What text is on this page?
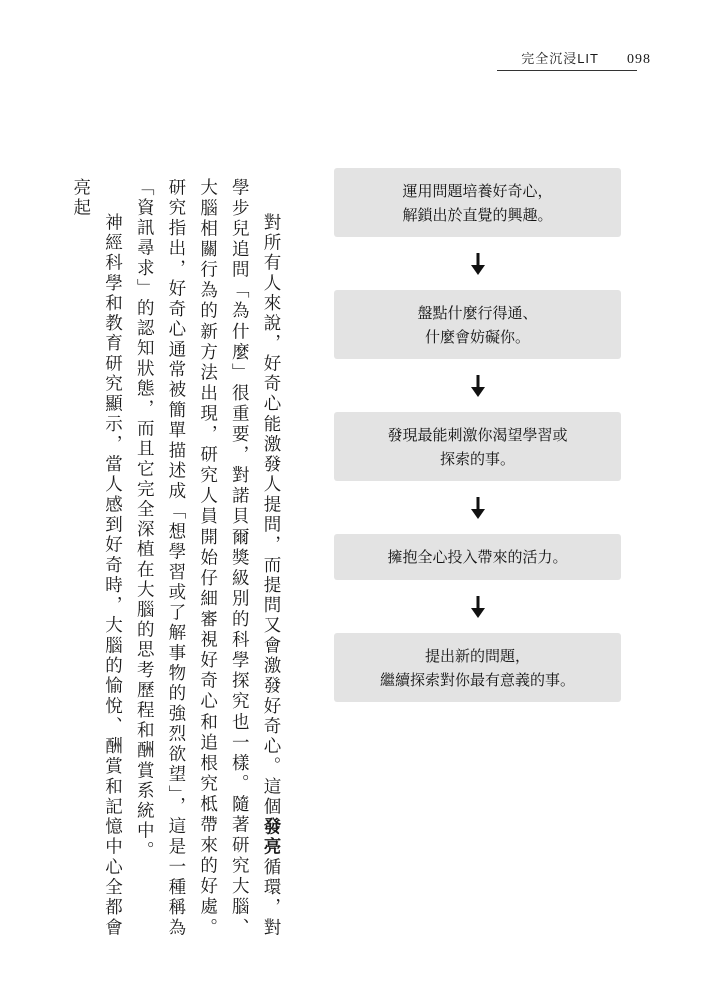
完全沉浸LIT 098

對所有人來說，好奇心能激發人提問，而提問又會激發好奇心。這個發亮循環，對學步兒追問「為什麼」很重要，對諾貝爾獎級別的科學探究也一樣。隨著研究大腦、大腦相關行為的新方法出現，研究人員開始仔細審視好奇心和追根究柢帶來的好處。研究指出，好奇心通常被簡單描述成「想學習或了解事物的強烈欲望」，這是一種稱為「資訊尋求」的認知狀態，而且它完全深植在大腦的思考歷程和酬賞系統中。

神經科學和教育研究顯示，當人感到好奇時，大腦的愉悅、酬賞和記憶中心全都會亮起	運用問題培養好奇心，
解鎖出於直覺的興趣。
盤點什麼行得通、
什麼會妨礙你。
發現最能刺激你渴望學習或
探索的事。
擁抱全心投入帶來的活力。
提出新的問題，
繼續探索對你最有意義的事。
